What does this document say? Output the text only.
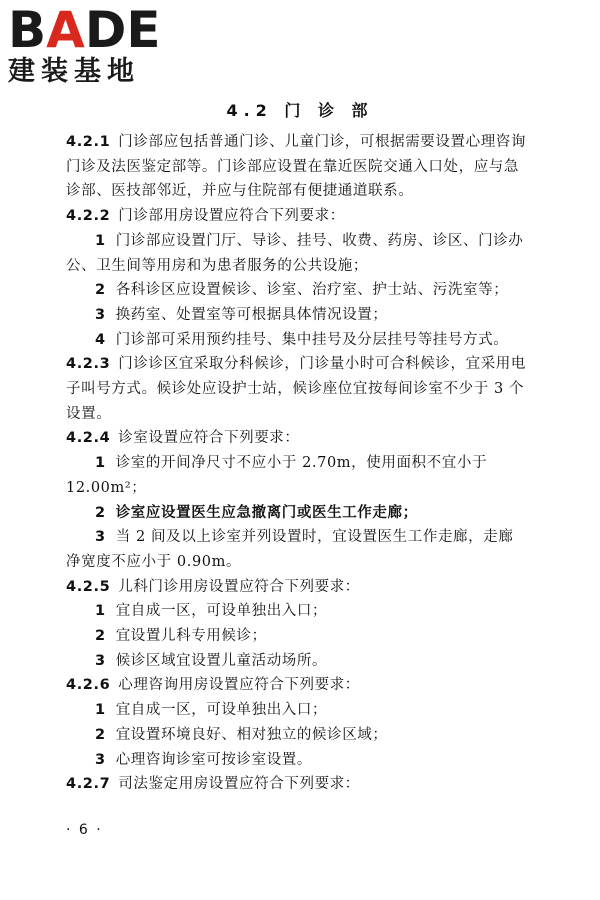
BADE
建装基地
4.2 门 诊 部

4.2.1 门诊部应包括普通门诊、儿童门诊，可根据需要设置心理咨询门诊及法医鉴定部等。门诊部应设置在靠近医院交通入口处，应与急诊部、医技部邻近，并应与住院部有便捷通道联系。

4.2.2 门诊部用房设置应符合下列要求：

1 门诊部应设置门厅、导诊、挂号、收费、药房、诊区、门诊办公、卫生间等用房和为患者服务的公共设施；

2 各科诊区应设置候诊、诊室、治疗室、护士站、污洗室等；

3 换药室、处置室等可根据具体情况设置；

4 门诊部可采用预约挂号、集中挂号及分层挂号等挂号方式。

4.2.3 门诊诊区宜采取分科候诊，门诊量小时可合科候诊，宜采用电子叫号方式。候诊处应设护士站，候诊座位宜按每间诊室不少于 3 个设置。

4.2.4 诊室设置应符合下列要求：

1 诊室的开间净尺寸不应小于 2.70m，使用面积不宜小于 12.00m²；

2 诊室应设置医生应急撤离门或医生工作走廊；

3 当 2 间及以上诊室并列设置时，宜设置医生工作走廊，走廊净宽度不应小于 0.90m。

4.2.5 儿科门诊用房设置应符合下列要求：

1 宜自成一区，可设单独出入口；

2 宜设置儿科专用候诊；

3 候诊区域宜设置儿童活动场所。

4.2.6 心理咨询用房设置应符合下列要求：

1 宜自成一区，可设单独出入口；

2 宜设置环境良好、相对独立的候诊区域；

3 心理咨询诊室可按诊室设置。

4.2.7 司法鉴定用房设置应符合下列要求：

· 6 ·
